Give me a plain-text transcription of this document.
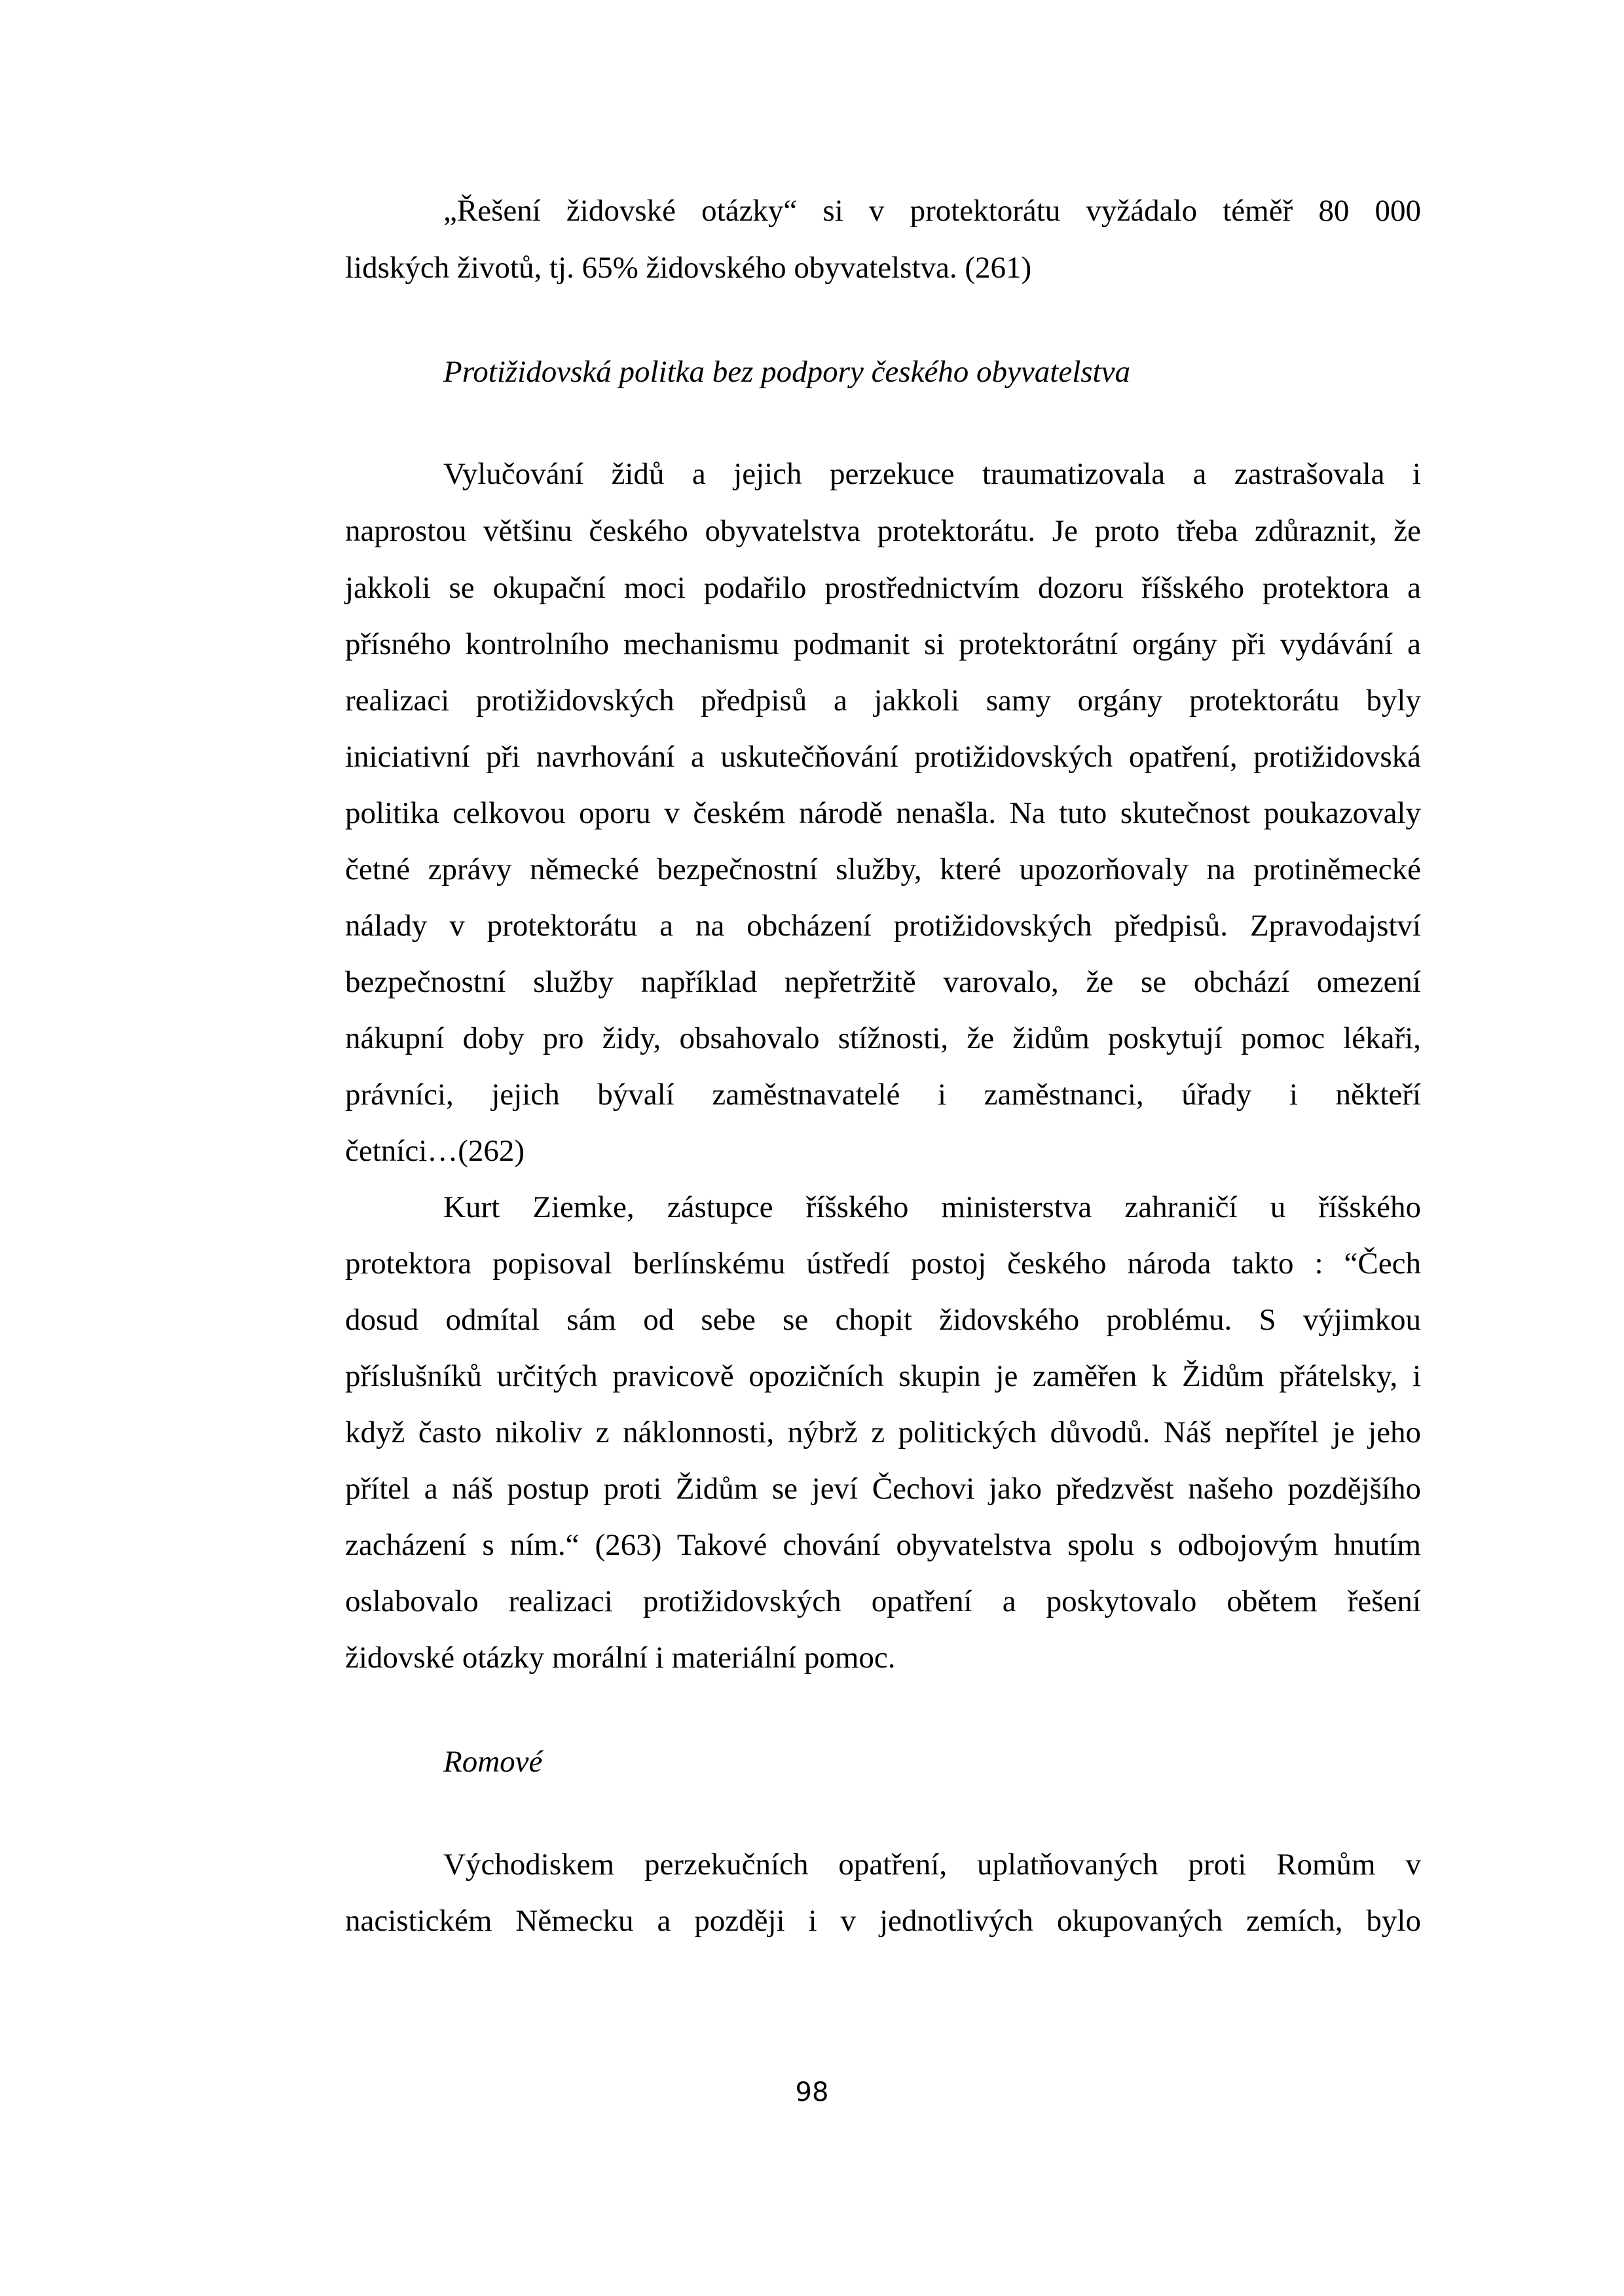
„Řešení židovské otázky“ si v protektorátu vyžádalo téměř 80 000

lidských životů, tj. 65% židovského obyvatelstva. (261)

Protižidovská politka bez podpory českého obyvatelstva

Vylučování židů a jejich perzekuce traumatizovala a zastrašovala i

naprostou většinu českého obyvatelstva protektorátu. Je proto třeba zdůraznit, že

jakkoli se okupační moci podařilo prostřednictvím dozoru říšského protektora a

přísného kontrolního mechanismu podmanit si protektorátní orgány při vydávání a

realizaci protižidovských předpisů a jakkoli samy orgány protektorátu byly

iniciativní při navrhování a uskutečňování protižidovských opatření, protižidovská

politika celkovou oporu v českém národě nenašla. Na tuto skutečnost poukazovaly

četné zprávy německé bezpečnostní služby, které upozorňovaly na protiněmecké

nálady v protektorátu a na obcházení protižidovských předpisů. Zpravodajství

bezpečnostní služby například nepřetržitě varovalo, že se obchází omezení

nákupní doby pro židy, obsahovalo stížnosti, že židům poskytují pomoc lékaři,

právníci, jejich bývalí zaměstnavatelé i zaměstnanci, úřady i někteří

četníci…(262)

Kurt Ziemke, zástupce říšského ministerstva zahraničí u říšského

protektora popisoval berlínskému ústředí postoj českého národa takto : “Čech

dosud odmítal sám od sebe se chopit židovského problému. S výjimkou

příslušníků určitých pravicově opozičních skupin je zaměřen k Židům přátelsky, i

když často nikoliv z náklonnosti, nýbrž z politických důvodů. Náš nepřítel je jeho

přítel a náš postup proti Židům se jeví Čechovi jako předzvěst našeho pozdějšího

zacházení s ním.“ (263) Takové chování obyvatelstva spolu s odbojovým hnutím

oslabovalo realizaci protižidovských opatření a poskytovalo obětem řešení

židovské otázky morální i materiální pomoc.

Romové

Východiskem perzekučních opatření, uplatňovaných proti Romům v

nacistickém Německu a později i v jednotlivých okupovaných zemích, bylo

98
